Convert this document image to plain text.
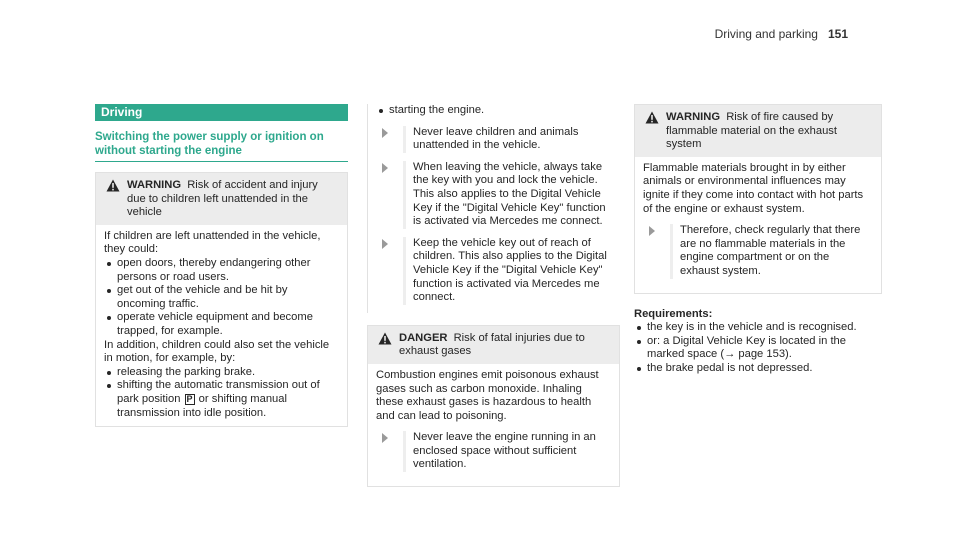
Driving and parking 151
Driving
Switching the power supply or ignition on without starting the engine
WARNING Risk of accident and injury due to children left unattended in the vehicle

If children are left unattended in the vehicle, they could:

open doors, thereby endangering other persons or road users.
get out of the vehicle and be hit by oncoming traffic.
operate vehicle equipment and become trapped, for example.

In addition, children could also set the vehicle in motion, for example, by:

releasing the parking brake.
shifting the automatic transmission out of park position P or shifting manual transmission into idle position.
starting the engine.
Never leave children and animals unattended in the vehicle.
When leaving the vehicle, always take the key with you and lock the vehicle. This also applies to the Digital Vehicle Key if the "Digital Vehicle Key" function is activated via Mercedes me connect.
Keep the vehicle key out of reach of children. This also applies to the Digital Vehicle Key if the "Digital Vehicle Key" function is activated via Mercedes me connect.
DANGER Risk of fatal injuries due to exhaust gases

Combustion engines emit poisonous exhaust gases such as carbon monoxide. Inhaling these exhaust gases is hazardous to health and can lead to poisoning.

Never leave the engine running in an enclosed space without sufficient ventilation.
WARNING Risk of fire caused by flammable material on the exhaust system

Flammable materials brought in by either animals or environmental influences may ignite if they come into contact with hot parts of the engine or exhaust system.

Therefore, check regularly that there are no flammable materials in the engine compartment or on the exhaust system.
Requirements:
the key is in the vehicle and is recognised.
or: a Digital Vehicle Key is located in the marked space (→ page 153).
the brake pedal is not depressed.
